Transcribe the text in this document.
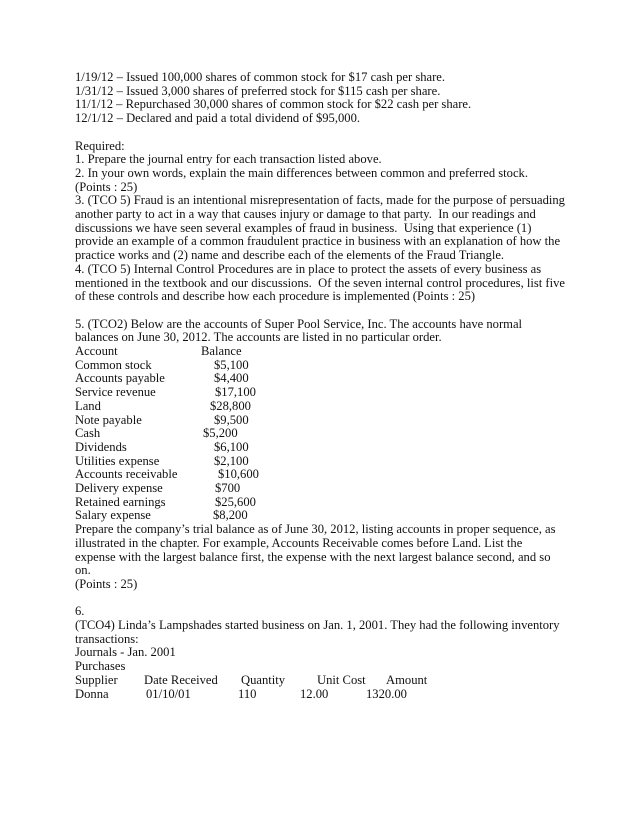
1/19/12 – Issued 100,000 shares of common stock for $17 cash per share.
1/31/12 – Issued 3,000 shares of preferred stock for $115 cash per share.
11/1/12 – Repurchased 30,000 shares of common stock for $22 cash per share.
12/1/12 – Declared and paid a total dividend of $95,000.
Required:
1. Prepare the journal entry for each transaction listed above.
2. In your own words, explain the main differences between common and preferred stock.
(Points : 25)
3. (TCO 5) Fraud is an intentional misrepresentation of facts, made for the purpose of persuading
another party to act in a way that causes injury or damage to that party.  In our readings and
discussions we have seen several examples of fraud in business.  Using that experience (1)
provide an example of a common fraudulent practice in business with an explanation of how the
practice works and (2) name and describe each of the elements of the Fraud Triangle.
4. (TCO 5) Internal Control Procedures are in place to protect the assets of every business as
mentioned in the textbook and our discussions.  Of the seven internal control procedures, list five
of these controls and describe how each procedure is implemented (Points : 25)
5. (TCO2) Below are the accounts of Super Pool Service, Inc. The accounts have normal
balances on June 30, 2012. The accounts are listed in no particular order.
Account	Balance
Common stock	$5,100
Accounts payable	$4,400
Service revenue	$17,100
Land	$28,800
Note payable	$9,500
Cash	$5,200
Dividends	$6,100
Utilities expense	$2,100
Accounts receivable	$10,600
Delivery expense	$700
Retained earnings	$25,600
Salary expense	$8,200
Prepare the company’s trial balance as of June 30, 2012, listing accounts in proper sequence, as
illustrated in the chapter. For example, Accounts Receivable comes before Land. List the
expense with the largest balance first, the expense with the next largest balance second, and so
on.
(Points : 25)
6.
(TCO4) Linda’s Lampshades started business on Jan. 1, 2001. They had the following inventory
transactions:
Journals - Jan. 2001
Purchases
Supplier	Date Received	Quantity	Unit Cost	Amount
Donna	01/10/01	110	12.00	1320.00
